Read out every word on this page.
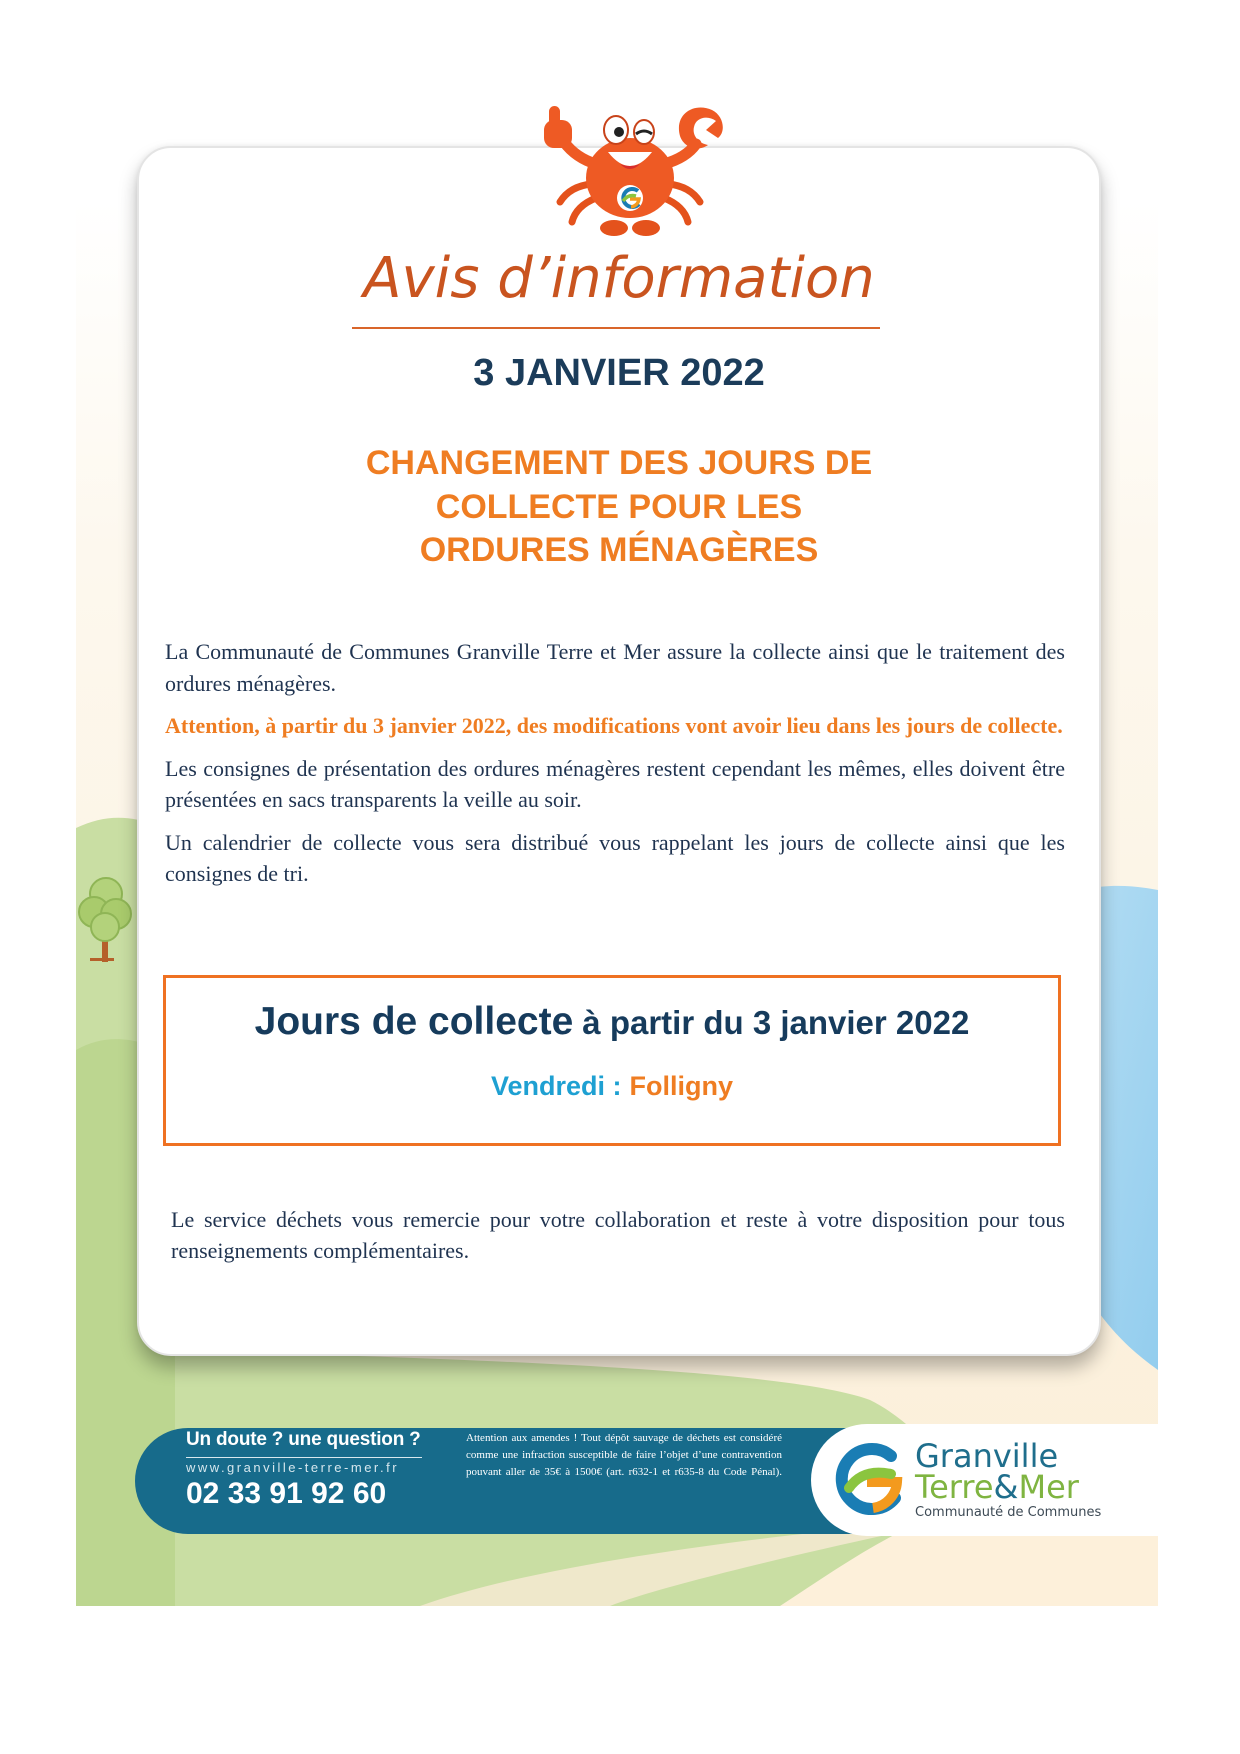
Avis d’information
3 JANVIER 2022
CHANGEMENT DES JOURS DE
COLLECTE POUR LES
ORDURES MÉNAGÈRES

La Communauté de Communes Granville Terre et Mer assure la collecte ainsi que le traitement des ordures ménagères.

Attention, à partir du 3 janvier 2022, des modifications vont avoir lieu dans les jours de collecte.

Les consignes de présentation des ordures ménagères restent cependant les mêmes, elles doivent être présentées en sacs transparents la veille au soir.

Un calendrier de collecte vous sera distribué vous rappelant les jours de collecte ainsi que les consignes de tri.

Jours de collecte à partir du 3 janvier 2022
Vendredi : Folligny
Le service déchets vous remercie pour votre collaboration et reste à votre disposition pour tous renseignements complémentaires.
Un doute ? une question ?
www.granville-terre-mer.fr
02 33 91 92 60
Attention aux amendes ! Tout dépôt sauvage de déchets est considéré comme une infraction susceptible de faire l’objet d’une contravention pouvant aller de 35€ à 1500€ (art. r632-1 et r635-8 du Code Pénal).	Granville
Terre&Mer
Communauté de Communes
